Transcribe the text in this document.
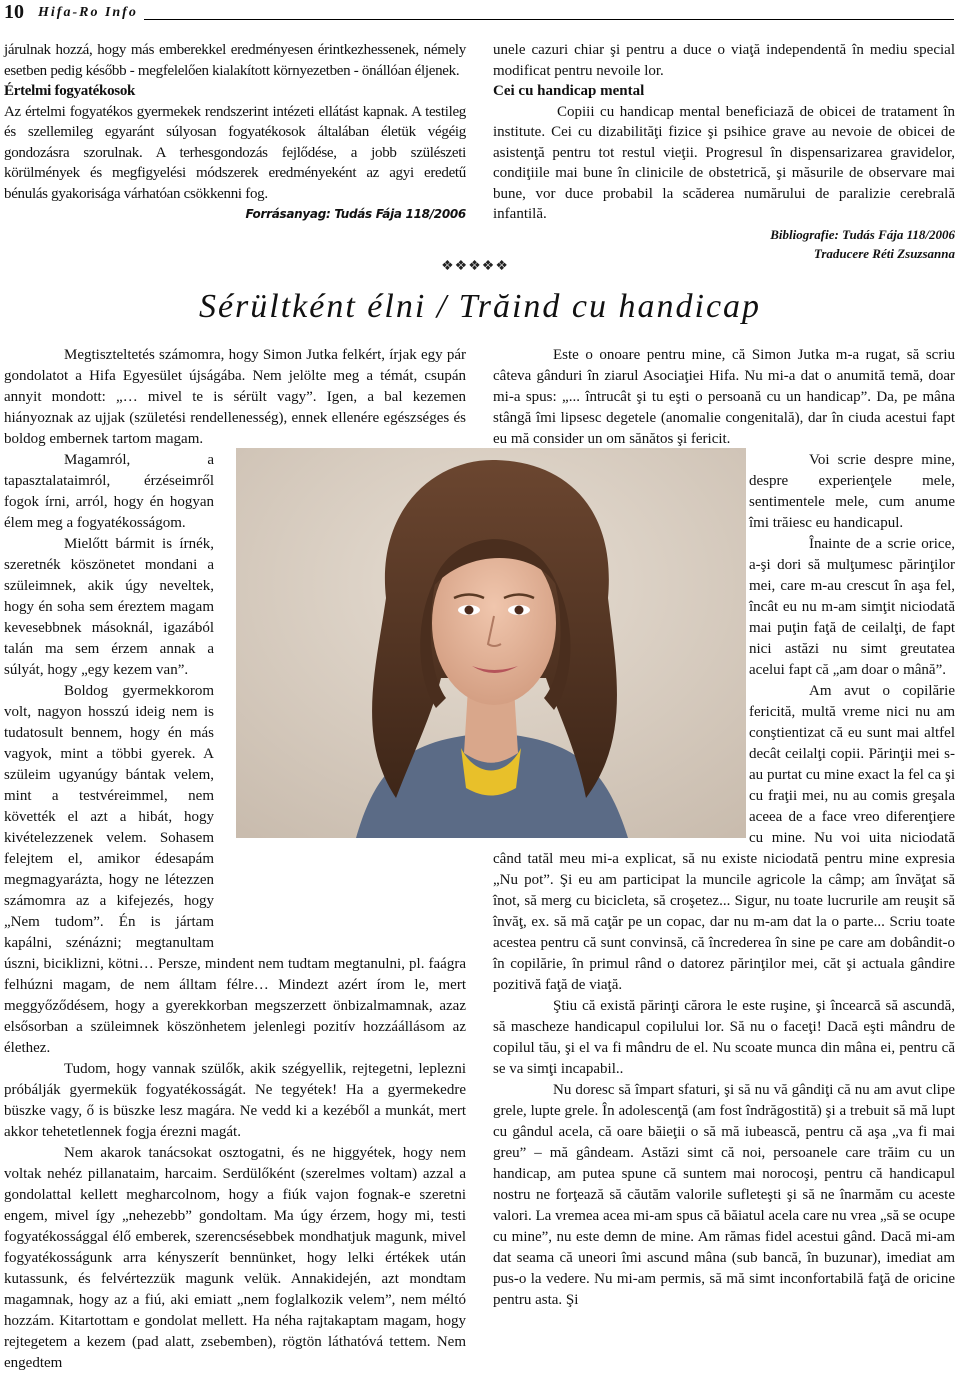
10 Hifa-Ro Info

járulnak hozzá, hogy más emberekkel eredményesen érintkezhessenek, némely esetben pedig később - megfelelően kialakított környezetben - önállóan éljenek.

Értelmi fogyatékosok

Az értelmi fogyatékos gyermekek rendszerint intézeti ellátást kapnak. A testileg és szellemileg egyaránt súlyosan fogyatékosok általában életük végéig gondozásra szorulnak. A terhesgondozás fejlődése, a jobb szülészeti körülmények és megfigyelési módszerek eredményeként az agyi eredetű bénulás gyakorisága várhatóan csökkenni fog.

Forrásanyag: Tudás Fája 118/2006

unele cazuri chiar şi pentru a duce o viaţă independentă în mediu special modificat pentru nevoile lor.

Cei cu handicap mental

Copiii cu handicap mental beneficiază de obicei de tratament în institute. Cei cu dizabilităţi fizice şi psihice grave au nevoie de obicei de asistenţă pentru tot restul vieţii. Progresul în dispensarizarea gravidelor, condiţiile mai bune în clinicile de obstetrică, şi măsurile de observare mai bune, vor duce probabil la scăderea numărului de paralizie cerebrală infantilă.

Bibliografie: Tudás Fája 118/2006

Traducere Réti Zsuzsanna

❖❖❖❖❖
Sérültként élni / Trăind cu handicap

Megtiszteltetés számomra, hogy Simon Jutka felkért, írjak egy pár gondolatot a Hifa Egyesület újságába. Nem jelölte meg a témát, csupán annyit mondott: „… mivel te is sérült vagy”. Igen, a bal kezemen hiányoznak az ujjak (születési rendellenesség), ennek ellenére egészséges és boldog embernek tartom magam.

Magamról, a tapasztalataimról, érzéseimről fogok írni, arról, hogy én hogyan élem meg a fogyatékosságom.

Mielőtt bármit is írnék, szeretnék köszönetet mondani a szüleimnek, akik úgy neveltek, hogy én soha sem éreztem magam kevesebbnek másoknál, igazából talán ma sem érzem annak a súlyát, hogy „egy kezem van”.

Boldog gyermekkorom volt, nagyon hosszú ideig nem is tudatosult bennem, hogy én más vagyok, mint a többi gyerek. A szüleim ugyanúgy bántak velem, mint a testvéreimmel, nem követték el azt a hibát, hogy kivételezzenek velem. Sohasem felejtem el, amikor édesapám megmagyarázta, hogy ne létezzen számomra az a kifejezés, hogy „Nem tudom”. Én is jártam kapálni, szénázni; megtanultam úszni, biciklizni, kötni… Persze, mindent nem tudtam megtanulni, pl. faágra felhúzni magam, de nem álltam félre… Mindezt azért írom le, mert meggyőződésem, hogy a gyerekkorban megszerzett önbizalmamnak, azaz elsősorban a szüleimnek köszönhetem jelenlegi pozitív hozzáállásom az élethez.

Tudom, hogy vannak szülők, akik szégyellik, rejtegetni, leplezni próbálják gyermekük fogyatékosságát. Ne tegyétek! Ha a gyermekedre büszke vagy, ő is büszke lesz magára. Ne vedd ki a kezéből a munkát, mert akkor tehetetlennek fogja érezni magát.

Nem akarok tanácsokat osztogatni, és ne higgyétek, hogy nem voltak nehéz pillanataim, harcaim. Serdülőként (szerelmes voltam) azzal a gondolattal kellett megharcolnom, hogy a fiúk vajon fognak-e szeretni engem, mivel így „nehezebb” gondoltam. Ma úgy érzem, hogy mi, testi fogyatékossággal élő emberek, szerencsésebbek mondhatjuk magunk, mivel fogyatékosságunk arra kényszerít bennünket, hogy lelki értékek után kutassunk, és felvértezzük magunk velük. Annakidején, azt mondtam magamnak, hogy az a fiú, aki emiatt „nem foglalkozik velem”, nem méltó hozzám. Kitartottam e gondolat mellett. Ha néha rajtakaptam magam, hogy rejtegetem a kezem (pad alatt, zsebemben), rögtön láthatóvá tettem. Nem engedtem

Este o onoare pentru mine, că Simon Jutka m-a rugat, să scriu câteva gânduri în ziarul Asociaţiei Hifa. Nu mi-a dat o anumită temă, doar mi-a spus: „... întrucât şi tu eşti o persoană cu un handicap”. Da, pe mâna stângă îmi lipsesc degetele (anomalie congenitală), dar în ciuda acestui fapt eu mă consider un om sănătos şi fericit.

Voi scrie despre mine, despre experienţele mele, sentimentele mele, cum anume îmi trăiesc eu handicapul.

Înainte de a scrie orice, a-şi dori să mulţumesc părinţilor mei, care m-au crescut în aşa fel, încât eu nu m-am simţit niciodată mai puţin faţă de ceilalţi, de fapt nici astăzi nu simt greutatea acelui fapt că „am doar o mână”.

Am avut o copilărie fericită, multă vreme nici nu am conştientizat că eu sunt mai altfel decât ceilalţi copii. Părinţii mei s-au purtat cu mine exact la fel ca şi cu fraţii mei, nu au comis greşala aceea de a face vreo diferenţiere cu mine. Nu voi uita niciodată când tatăl meu mi-a explicat, să nu existe niciodată pentru mine expresia „Nu pot”. Şi eu am participat la muncile agricole la câmp; am învăţat să înot, să merg cu bicicleta, să croşetez... Sigur, nu toate lucrurile am reuşit să învăţ, ex. să mă caţăr pe un copac, dar nu m-am dat la o parte... Scriu toate acestea pentru că sunt convinsă, că încrederea în sine pe care am dobândit-o în copilărie, în primul rând o datorez părinţilor mei, căt şi actuala gândire pozitivă faţă de viaţă.

Ştiu că există părinţi cărora le este ruşine, şi încearcă să ascundă, să mascheze handicapul copilului lor. Să nu o faceţi! Dacă eşti mândru de copilul tău, şi el va fi mândru de el. Nu scoate munca din mâna ei, pentru că se va simţi incapabil..

Nu doresc să împart sfaturi, şi să nu vă gândiţi că nu am avut clipe grele, lupte grele. În adolescenţă (am fost îndrăgostită) şi a trebuit să mă lupt cu gândul acela, că oare băieţii o să mă iubească, pentru că aşa „va fi mai greu” – mă gândeam. Astăzi simt că noi, persoanele care trăim cu un handicap, am putea spune că suntem mai norocoşi, pentru că handicapul nostru ne forţează să căutăm valorile sufleteşti şi să ne înarmăm cu aceste valori. La vremea acea mi-am spus că băiatul acela care nu vrea „să se ocupe cu mine”, nu este demn de mine. Am rămas fidel acestui gând. Dacă mi-am dat seama că uneori îmi ascund mâna (sub bancă, în buzunar), imediat am pus-o la vedere. Nu mi-am permis, să mă simt inconfortabilă faţă de oricine pentru asta. Şi
